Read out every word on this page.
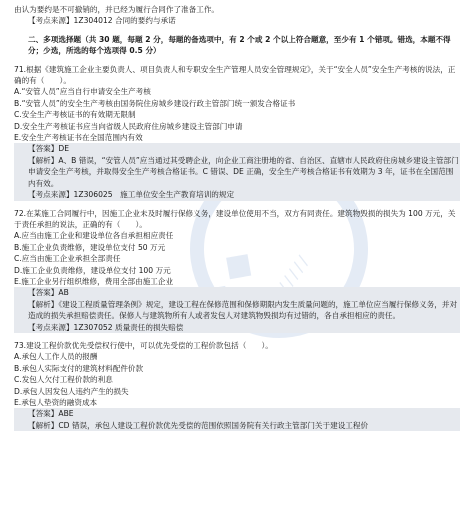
◆◆
///////
由认为要约是不可撤销的，并已经为履行合同作了准备工作。
【考点来源】1Z304012 合同的要约与承诺
二、多项选择题（共 30 题，每题 2 分，每题的备选项中，有 2 个或 2 个以上符合题意，至少有 1 个错项。错选，本题不得分；少选，所选的每个选项得 0.5 分）
71.根据《建筑施工企业主要负责人、项目负责人和专职安全生产管理人员安全管理规定》，关于“安全人员”安全生产考核的说法，正确的有（　　）。
A.“安管人员”应当自行申请安全生产考核
B.“安管人员”的安全生产考核由国务院住房城乡建设行政主管部门统一颁发合格证书
C.安全生产考核证书的有效期无限制
D.安全生产考核证书应当向省级人民政府住房城乡建设主管部门申请
E.安全生产考核证书在全国范围内有效
【答案】DE
【解析】A、B 错误，“安管人员”应当通过其受聘企业，向企业工商注册地的省、自治区、直辖市人民政府住房城乡建设主管部门申请安全生产考核，并取得安全生产考核合格证书。C 错误、DE 正确，安全生产考核合格证书有效期为 3 年，证书在全国范围内有效。
【考点来源】1Z306025　施工单位安全生产教育培训的规定
72.在某施工合同履行中，因施工企业未及时履行保修义务，建设单位使用不当，双方有同责任。建筑物毁损的损失为 100 万元，关于责任承担的说法，正确的有（　　）。
A.应当由施工企业和建设单位各自承担相应责任
B.施工企业负责维修，建设单位支付 50 万元
C.应当由施工企业承担全部责任
D.施工企业负责维修，建设单位支付 100 万元
E.施工企业另行组织维修，费用全部由施工企业
【答案】AB
【解析】《建设工程质量管理条例》规定，建设工程在保修范围和保修期限内发生质量问题的，施工单位应当履行保修义务，并对造成的损失承担赔偿责任。保修人与建筑物所有人或者发包人对建筑物毁损均有过错的，各自承担相应的责任。
【考点来源】1Z307052 质量责任的损失赔偿
73.建设工程价款优先受偿权行使中，可以优先受偿的工程价款包括（　　）。
A.承包人工作人员的报酬
B.承包人实际支付的建筑材料配件价款
C.发包人欠付工程价款的利息
D.承包人因发包人违约产生的损失
E.承包人垫资的融资成本
【答案】ABE
【解析】CD 错误，承包人建设工程价款优先受偿的范围依照国务院有关行政主管部门关于建设工程价
